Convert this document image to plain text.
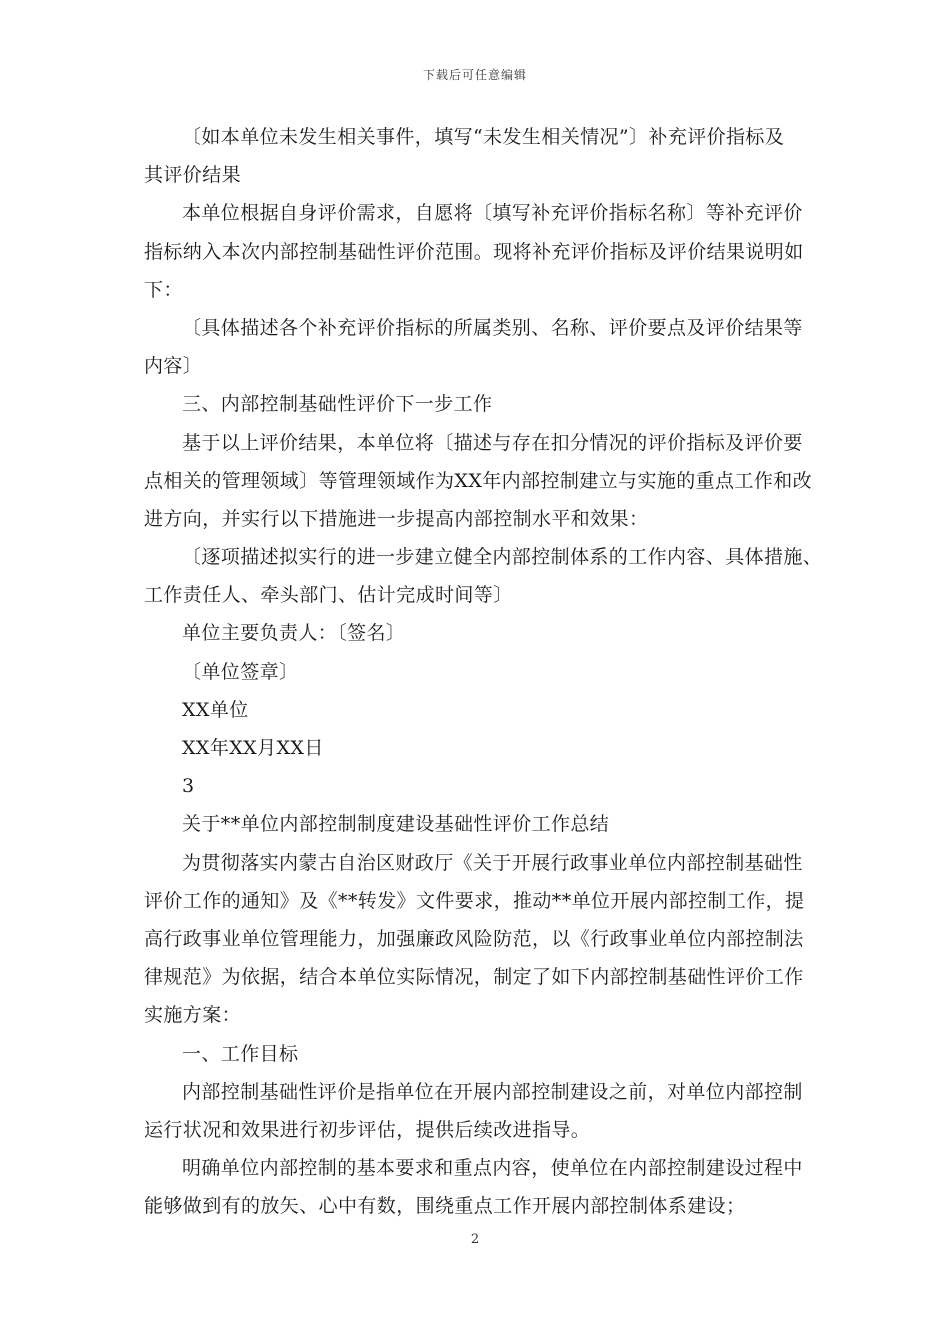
下载后可任意编辑
〔如本单位未发生相关事件，填写“未发生相关情况”〕补充评价指标及
其评价结果
本单位根据自身评价需求，自愿将〔填写补充评价指标名称〕等补充评价
指标纳入本次内部控制基础性评价范围。现将补充评价指标及评价结果说明如
下：
〔具体描述各个补充评价指标的所属类别、名称、评价要点及评价结果等
内容〕
三、内部控制基础性评价下一步工作
基于以上评价结果，本单位将〔描述与存在扣分情况的评价指标及评价要
点相关的管理领域〕等管理领域作为XX年内部控制建立与实施的重点工作和改
进方向，并实行以下措施进一步提高内部控制水平和效果：
〔逐项描述拟实行的进一步建立健全内部控制体系的工作内容、具体措施、
工作责任人、牵头部门、估计完成时间等〕
单位主要负责人：〔签名〕
〔单位签章〕
XX单位
XX年XX月XX日
3
关于**单位内部控制制度建设基础性评价工作总结
为贯彻落实内蒙古自治区财政厅《关于开展行政事业单位内部控制基础性
评价工作的通知》及《**转发》文件要求，推动**单位开展内部控制工作，提
高行政事业单位管理能力，加强廉政风险防范，以《行政事业单位内部控制法
律规范》为依据，结合本单位实际情况，制定了如下内部控制基础性评价工作
实施方案：
一、工作目标
内部控制基础性评价是指单位在开展内部控制建设之前，对单位内部控制
运行状况和效果进行初步评估，提供后续改进指导。
明确单位内部控制的基本要求和重点内容，使单位在内部控制建设过程中
能够做到有的放矢、心中有数，围绕重点工作开展内部控制体系建设；
2
